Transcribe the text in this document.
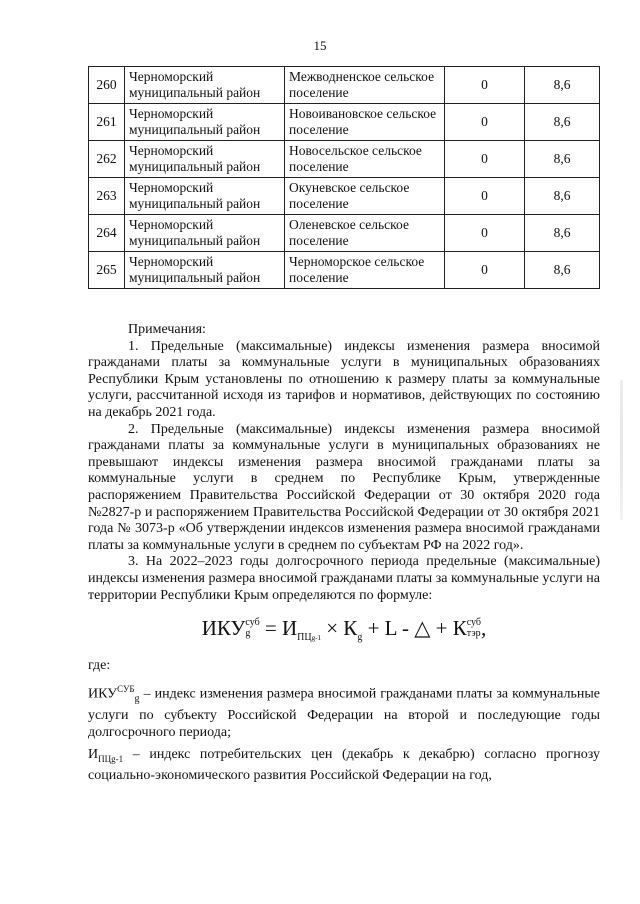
15
260	Черноморский муниципальный район	Межводненское сельское поселение	0	8,6
261	Черноморский муниципальный район	Новоивановское сельское поселение	0	8,6
262	Черноморский муниципальный район	Новосельское сельское поселение	0	8,6
263	Черноморский муниципальный район	Окуневское сельское поселение	0	8,6
264	Черноморский муниципальный район	Оленевское сельское поселение	0	8,6
265	Черноморский муниципальный район	Черноморское сельское поселение	0	8,6

Примечания:

1. Предельные (максимальные) индексы изменения размера вносимой гражданами платы за коммунальные услуги в муниципальных образованиях Республики Крым установлены по отношению к размеру платы за коммунальные услуги, рассчитанной исходя из тарифов и нормативов, действующих по состоянию на декабрь 2021 года.

2. Предельные (максимальные) индексы изменения размера вносимой гражданами платы за коммунальные услуги в муниципальных образованиях не превышают индексы изменения размера вносимой гражданами платы за коммунальные услуги в среднем по Республике Крым, утвержденные распоряжением Правительства Российской Федерации от 30 октября 2020 года №2827-р и распоряжением Правительства Российской Федерации от 30 октября 2021 года № 3073-р «Об утверждении индексов изменения размера вносимой гражданами платы за коммунальные услуги в среднем по субъектам РФ на 2022 год».

3. На 2022–2023 годы долгосрочного периода предельные (максимальные) индексы изменения размера вносимой гражданами платы за коммунальные услуги на территории Республики Крым определяются по формуле:

ИКУсуб
$g = И_{ПЦg-1} \times К_g + L$ - △ + Ксуб
тэр,

где:

$ИКУ^{СУБ}_g$ – индекс изменения размера вносимой гражданами платы за коммунальные услуги по субъекту Российской Федерации на второй и последующие годы долгосрочного периода;

$И_{ПЦg-1}$ – индекс потребительских цен (декабрь к декабрю) согласно прогнозу социально-экономического развития Российской Федерации на год,
